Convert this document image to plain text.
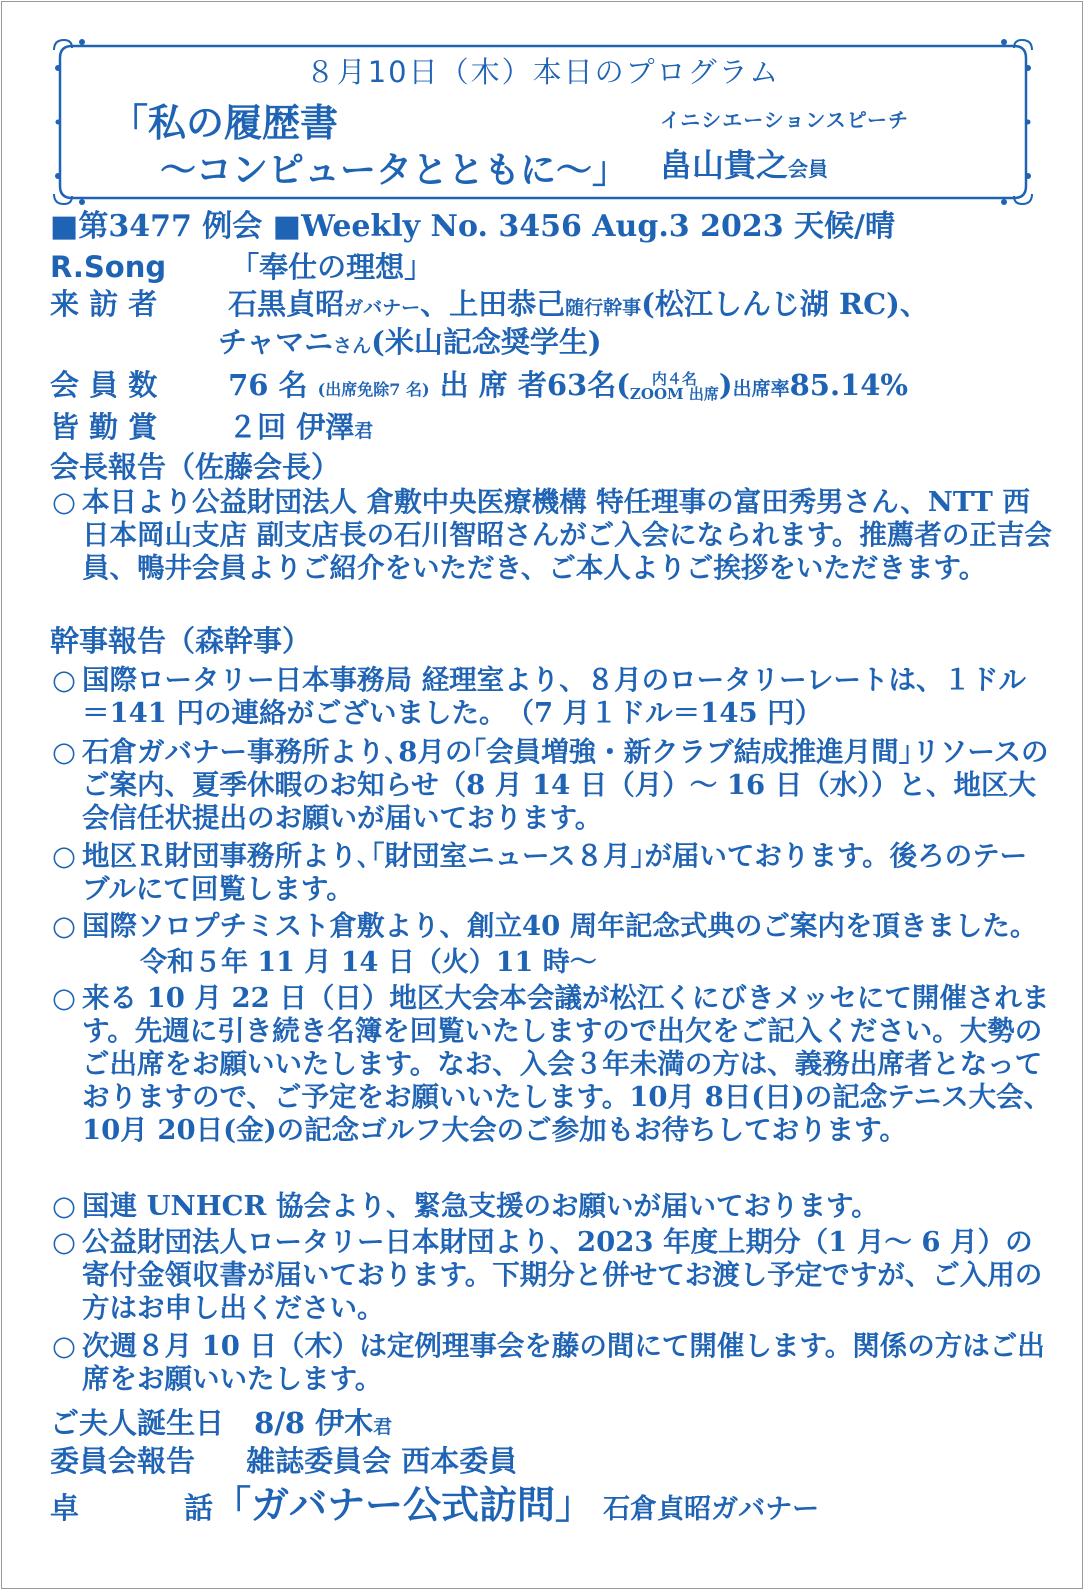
８月10日（木）本日のプログラム
「私の履歴書
～コンピュータとともに～」
イニシエーションスピーチ
畠山貴之会員
■第3477 例会 ■Weekly No. 3456 Aug.3 2023 天候/晴
R.Song 「奉仕の理想」
来 訪 者 石黒貞昭ガバナー、上田恭己随行幹事(松江しんじ湖 RC)、
チャマニさん(米山記念奨学生)
会 員 数 76 名 (出席免除7 名) 出 席 者63名( 内４名
ZOOM 出席)出席率85.14%
皆 勤 賞 ２回 伊澤君
会長報告（佐藤会長）
○ 本日より公益財団法人 倉敷中央医療機構 特任理事の富田秀男さん、NTT 西日本岡山支店 副支店長の石川智昭さんがご入会になられます。推薦者の正吉会員、鴨井会員よりご紹介をいただき、ご本人よりご挨拶をいただきます。
幹事報告（森幹事）
○ 国際ロータリー日本事務局 経理室より、８月のロータリーレートは、１ドル＝141 円の連絡がございました。　（7 月１ドル＝145 円）
○ 石倉ガバナー事務所より､8月の｢会員増強・新クラブ結成推進月間｣リソースのご案内、夏季休暇のお知らせ（8 月 14 日（月）～ 16 日（水））と、地区大会信任状提出のお願いが届いております。
○ 地区Ｒ財団事務所より､｢財団室ニュース８月｣が届いております。後ろのテーブルにて回覧します。
○ 国際ソロプチミスト倉敷より、創立40 周年記念式典のご案内を頂きました。
令和５年 11 月 14 日（火）11 時～
○ 来る 10 月 22 日（日）地区大会本会議が松江くにびきメッセにて開催されます。先週に引き続き名簿を回覧いたしますので出欠をご記入ください。大勢のご出席をお願いいたします。なお、入会３年未満の方は、義務出席者となっておりますので、ご予定をお願いいたします。10月 8日(日)の記念テニス大会、10月 20日(金)の記念ゴルフ大会のご参加もお待ちしております。
○ 国連 UNHCR 協会より、緊急支援のお願いが届いております。
○ 公益財団法人ロータリー日本財団より、2023 年度上期分（1 月～ 6 月）の寄付金領収書が届いております。下期分と併せてお渡し予定ですが、ご入用の方はお申し出ください。
○ 次週８月 10 日（木）は定例理事会を藤の間にて開催します。関係の方はご出席をお願いいたします。
ご夫人誕生日 8/8 伊木君
委員会報告 雑誌委員会 西本委員
卓	話「ガバナー公式訪問」 石倉貞昭ガバナー
